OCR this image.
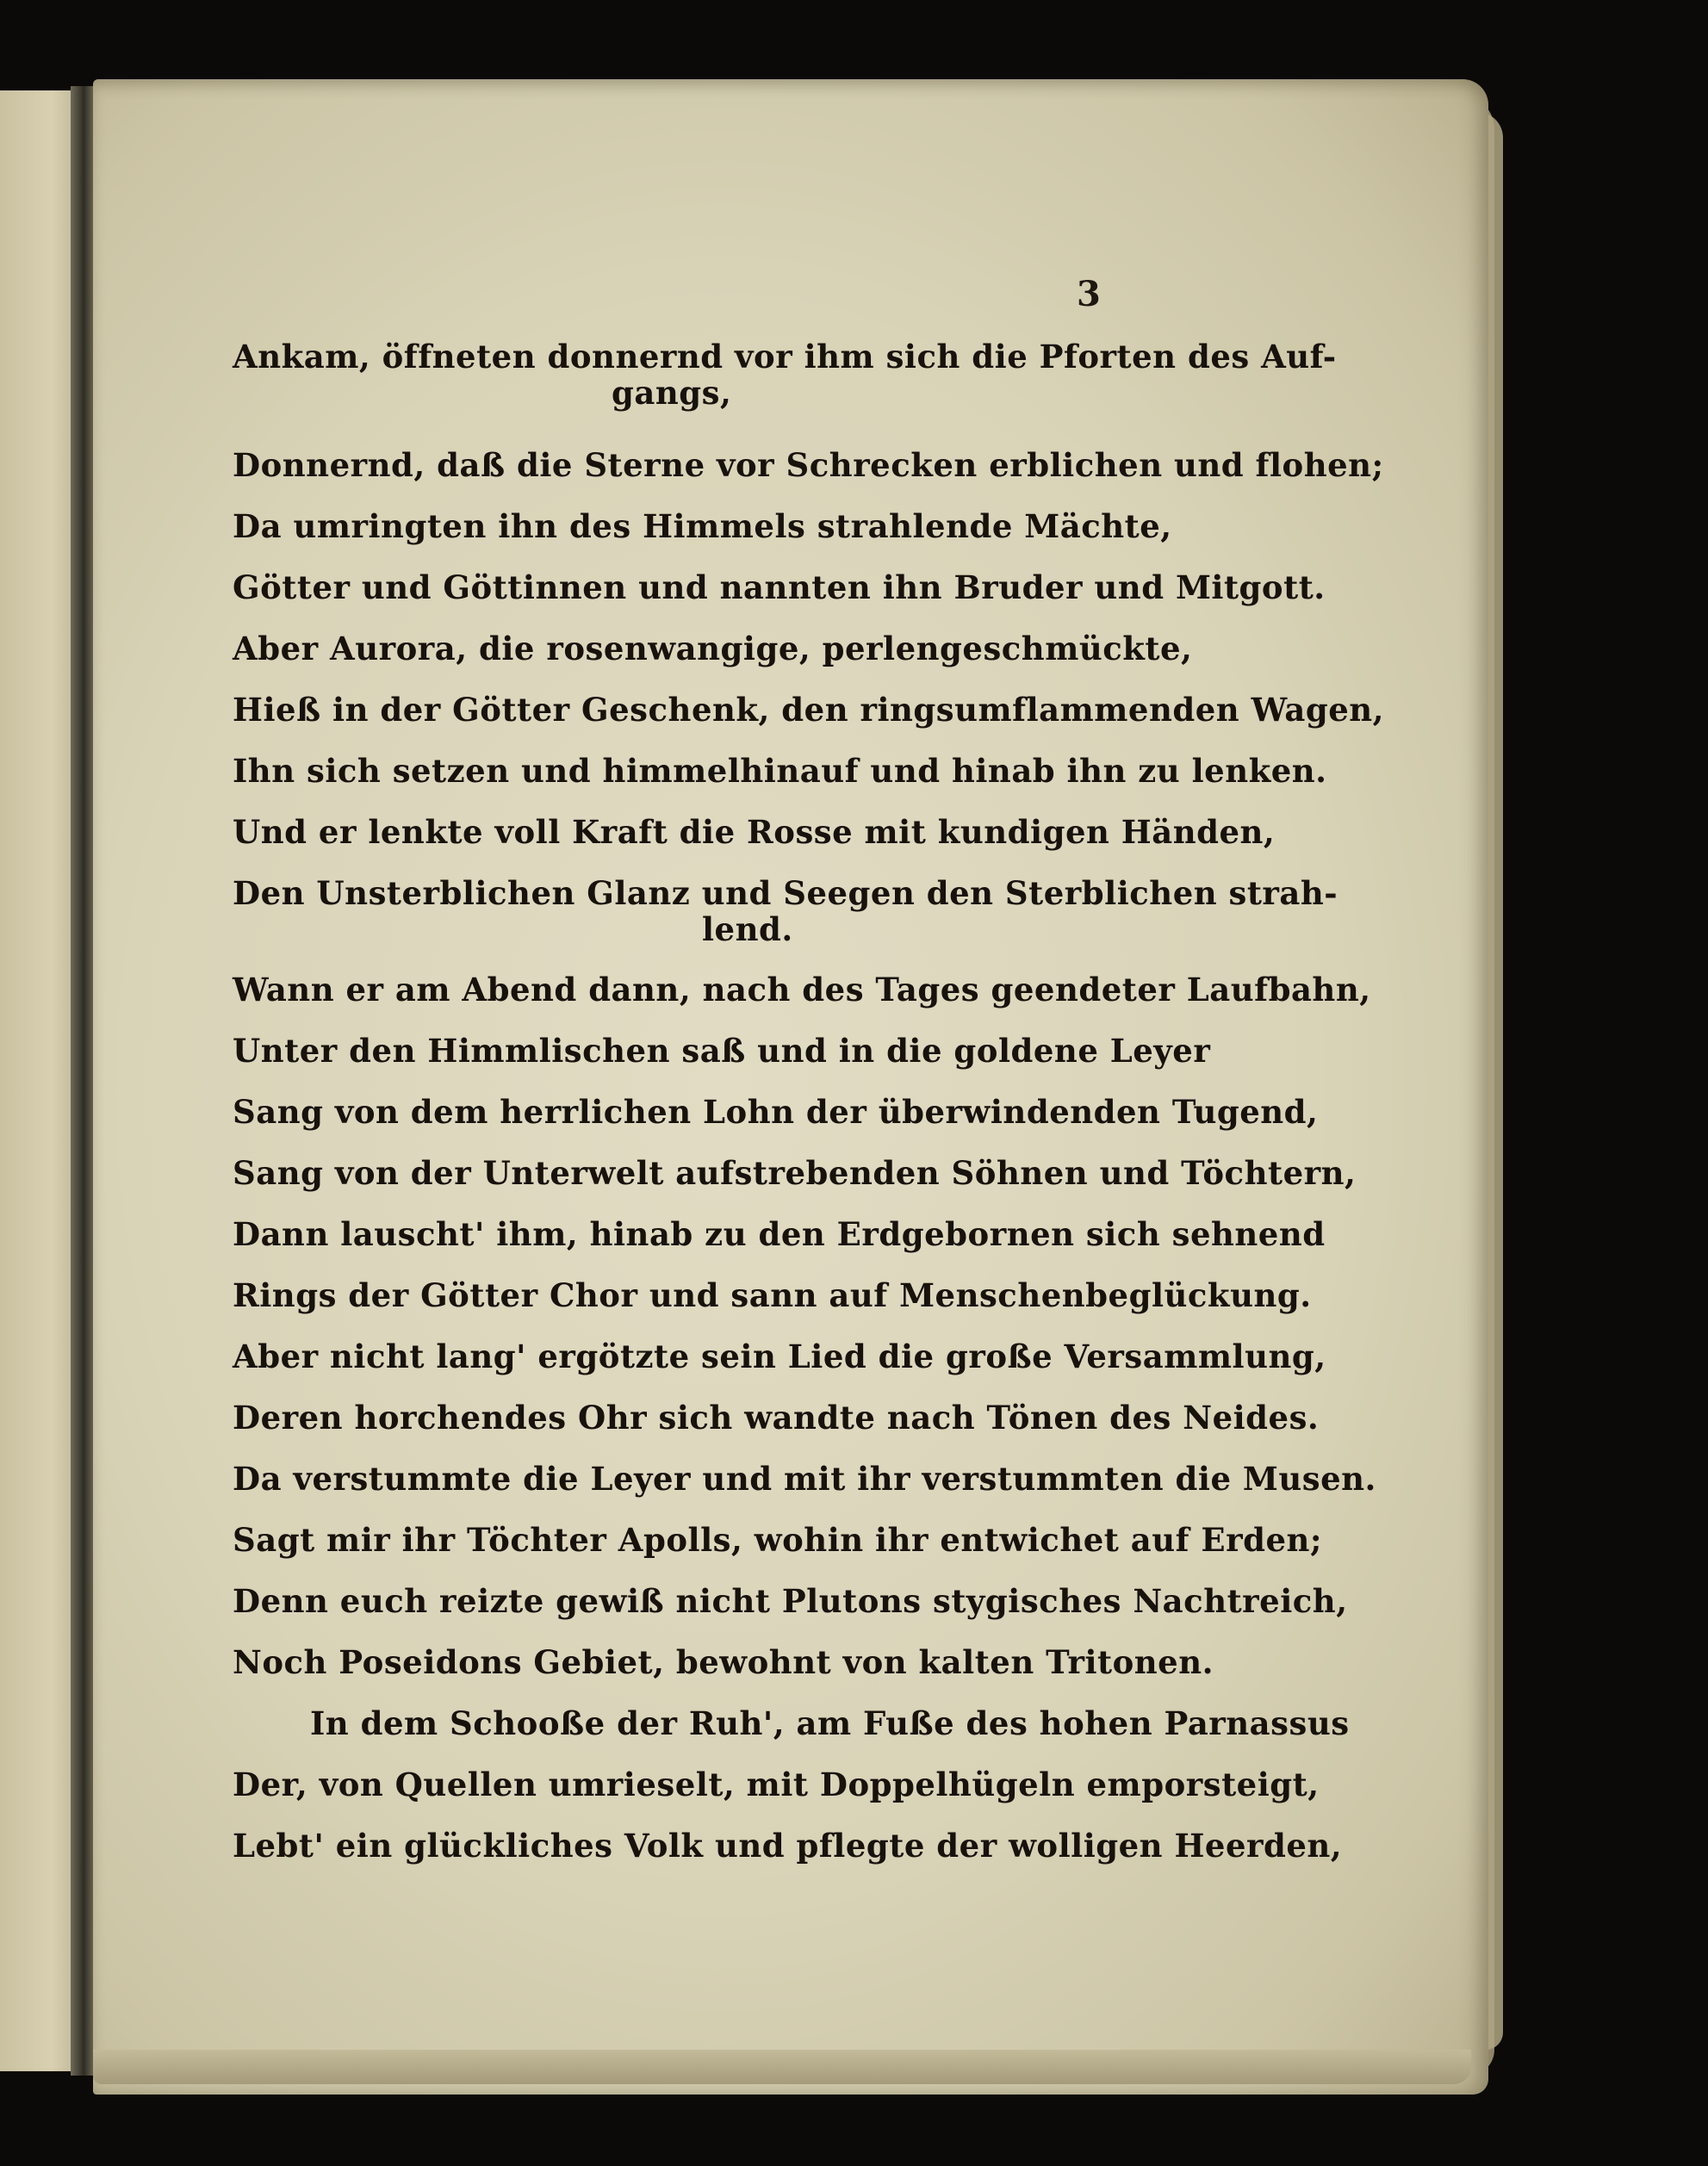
3
Ankam, öffneten donnernd vor ihm sich die Pforten des Auf-
gangs,
Donnernd, daß die Sterne vor Schrecken erblichen und flohen;
Da umringten ihn des Himmels strahlende Mächte,
Götter und Göttinnen und nannten ihn Bruder und Mitgott.
Aber Aurora, die rosenwangige, perlengeschmückte,
Hieß in der Götter Geschenk, den ringsumflammenden Wagen,
Ihn sich setzen und himmelhinauf und hinab ihn zu lenken.
Und er lenkte voll Kraft die Rosse mit kundigen Händen,
Den Unsterblichen Glanz und Seegen den Sterblichen strah-
lend.
Wann er am Abend dann, nach des Tages geendeter Laufbahn,
Unter den Himmlischen saß und in die goldene Leyer
Sang von dem herrlichen Lohn der überwindenden Tugend,
Sang von der Unterwelt aufstrebenden Söhnen und Töchtern,
Dann lauscht' ihm, hinab zu den Erdgebornen sich sehnend
Rings der Götter Chor und sann auf Menschenbeglückung.
Aber nicht lang' ergötzte sein Lied die große Versammlung,
Deren horchendes Ohr sich wandte nach Tönen des Neides.
Da verstummte die Leyer und mit ihr verstummten die Musen.
Sagt mir ihr Töchter Apolls, wohin ihr entwichet auf Erden;
Denn euch reizte gewiß nicht Plutons stygisches Nachtreich,
Noch Poseidons Gebiet, bewohnt von kalten Tritonen.
In dem Schooße der Ruh', am Fuße des hohen Parnassus
Der, von Quellen umrieselt, mit Doppelhügeln emporsteigt,
Lebt' ein glückliches Volk und pflegte der wolligen Heerden,
